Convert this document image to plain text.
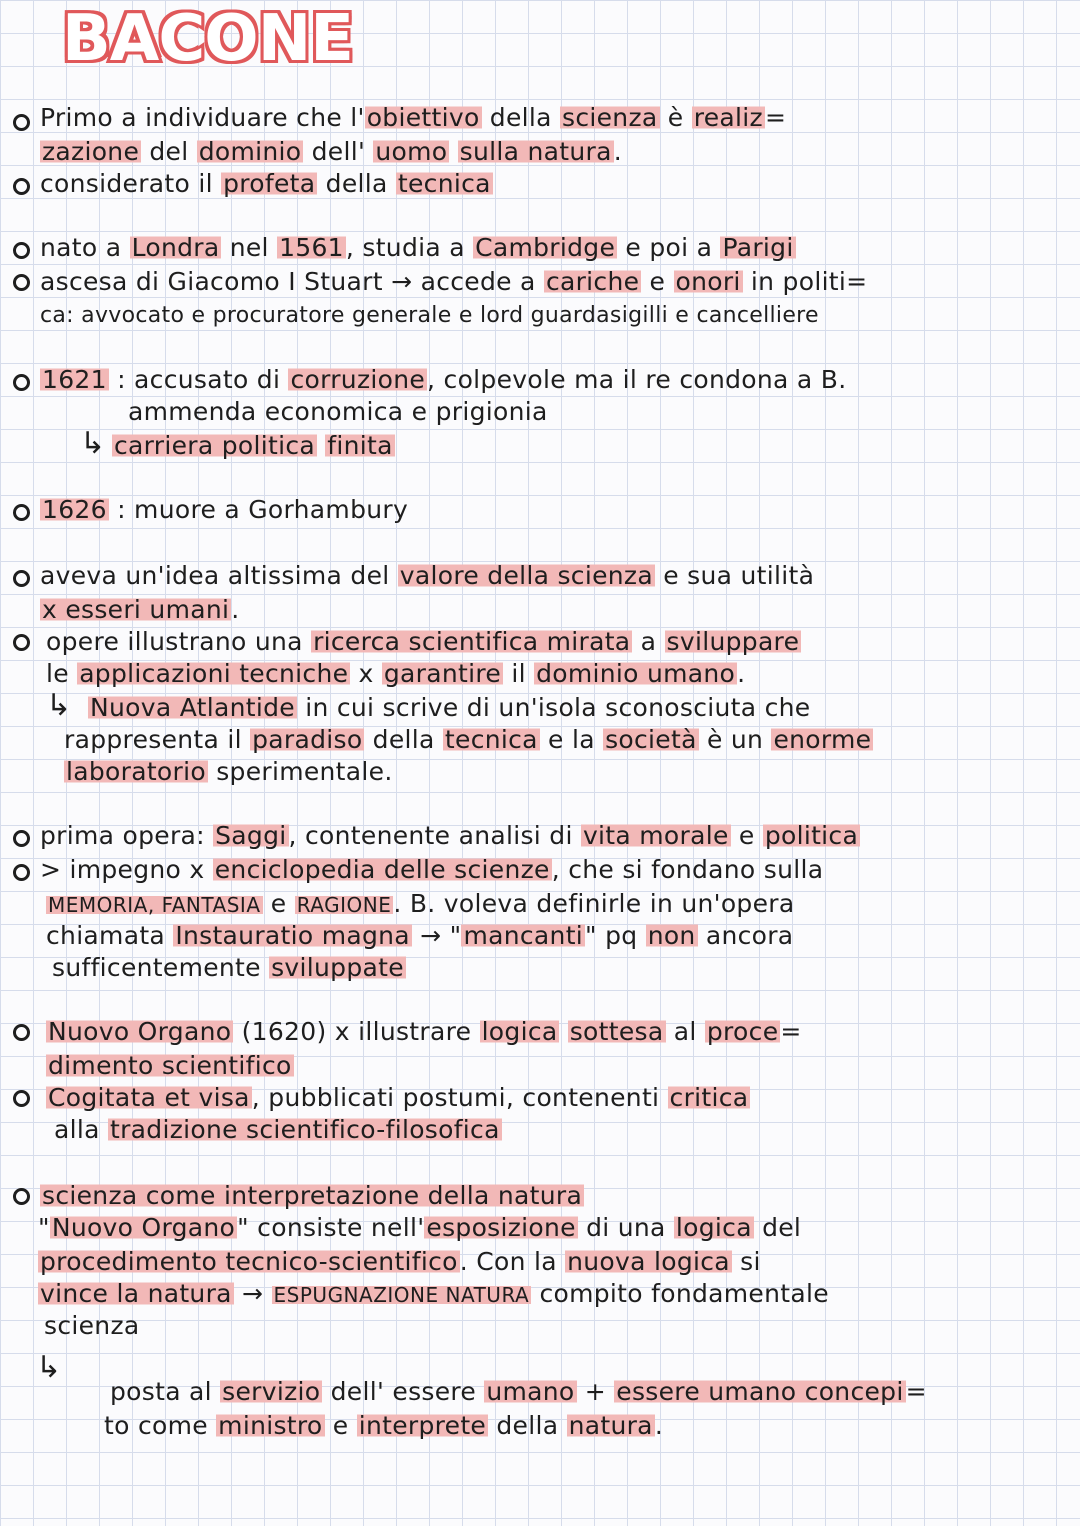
BACONE
↳
↳
↳
Primo a individuare che l'obiettivo della scienza è realiz=
zazione del dominio dell' uomo sulla natura.
considerato il profeta della tecnica
nato a Londra nel 1561, studia a Cambridge e poi a Parigi
ascesa di Giacomo I Stuart → accede a cariche e onori in politi=
ca: avvocato e procuratore generale e lord guardasigilli e cancelliere
1621 : accusato di corruzione, colpevole ma il re condona a B.
ammenda economica e prigionia
carriera politica finita
1626 : muore a Gorhambury
aveva un'idea altissima del valore della scienza e sua utilità
x esseri umani.
opere illustrano una ricerca scientifica mirata a sviluppare
le applicazioni tecniche x garantire il dominio umano.
Nuova Atlantide in cui scrive di un'isola sconosciuta che
rappresenta il paradiso della tecnica e la società è un enorme
laboratorio sperimentale.
prima opera: Saggi, contenente analisi di vita morale e politica
> impegno x enciclopedia delle scienze, che si fondano sulla
MEMORIA, FANTASIA e RAGIONE. B. voleva definirle in un'opera
chiamata Instauratio magna → "mancanti" pq non ancora
sufficentemente sviluppate
Nuovo Organo (1620) x illustrare logica sottesa al proce=
dimento scientifico
Cogitata et visa, pubblicati postumi, contenenti critica
alla tradizione scientifico-filosofica
scienza come interpretazione della natura
"Nuovo Organo" consiste nell'esposizione di una logica del
procedimento tecnico-scientifico. Con la nuova logica si
vince la natura → ESPUGNAZIONE NATURA compito fondamentale
scienza
posta al servizio dell' essere umano + essere umano concepi=
to come ministro e interprete della natura.
